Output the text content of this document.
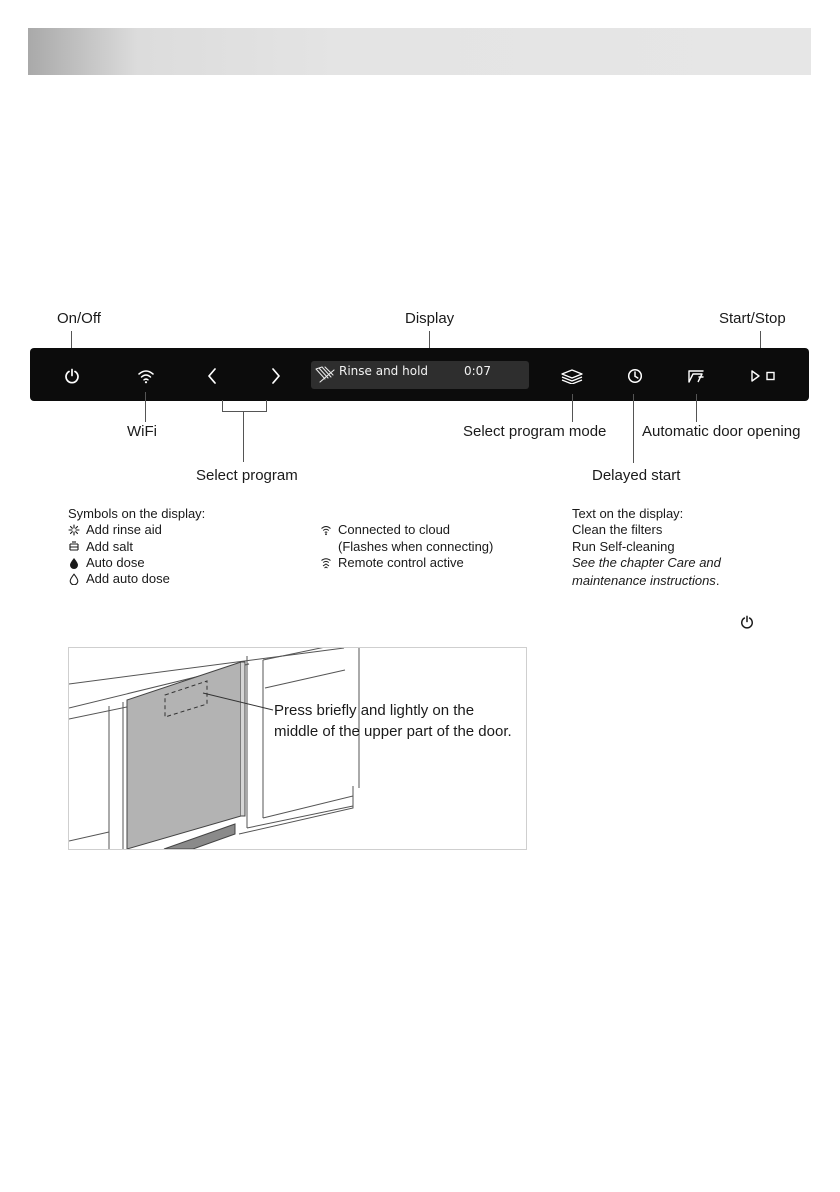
On/Off	Display	Start/Stop
Rinse and hold	0:07
WiFi
Select program
Select program mode Automatic door opening
Delayed start
Symbols on the display:
Add rinse aid
Add salt
Auto dose
Add auto dose
Connected to cloud
(Flashes when connecting)
Remote control active
Text on the display:
Clean the filters
Run Self-cleaning
See the chapter Care and
maintenance instructions.
Press briefly and lightly on the middle of the upper part of the door.
